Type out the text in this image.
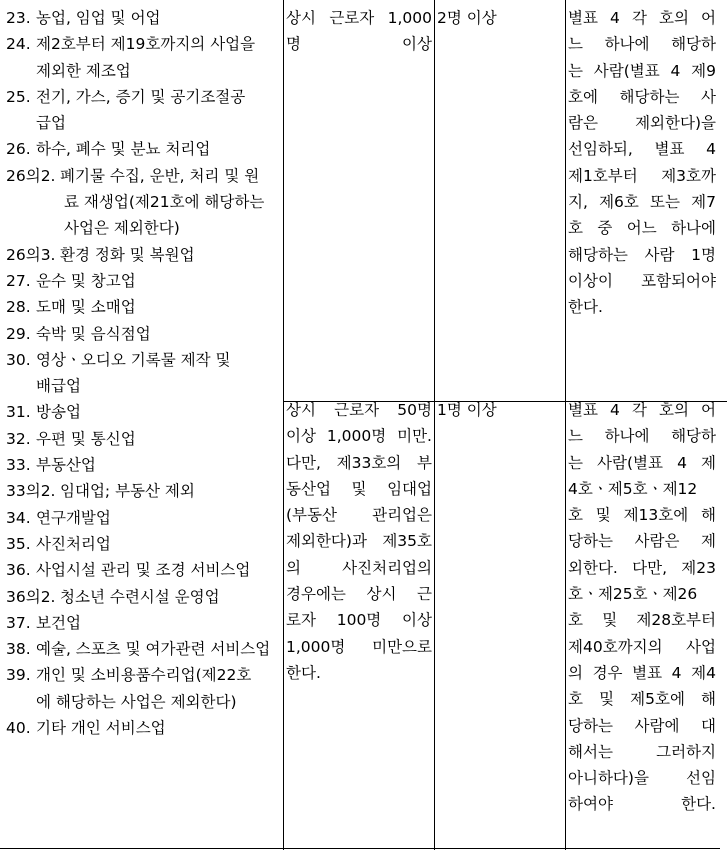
23. 농업, 임업 및 어업
24. 제2호부터 제19호까지의 사업을
제외한 제조업
25. 전기, 가스, 증기 및 공기조절공
급업
26. 하수, 폐수 및 분뇨 처리업
26의2. 폐기물 수집, 운반, 처리 및 원
료 재생업(제21호에 해당하는
사업은 제외한다)
26의3. 환경 정화 및 복원업
27. 운수 및 창고업
28. 도매 및 소매업
29. 숙박 및 음식점업
30. 영상ㆍ오디오 기록물 제작 및
배급업
31. 방송업
32. 우편 및 통신업
33. 부동산업
33의2. 임대업; 부동산 제외
34. 연구개발업
35. 사진처리업
36. 사업시설 관리 및 조경 서비스업
36의2. 청소년 수련시설 운영업
37. 보건업
38. 예술, 스포츠 및 여가관련 서비스업
39. 개인 및 소비용품수리업(제22호
에 해당하는 사업은 제외한다)
40. 기타 개인 서비스업
상시 근로자 1,000
명 이상
2명 이상	별표 4 각 호의 어
느 하나에 해당하
는 사람(별표 4 제9
호에 해당하는 사
람은 제외한다)을
선임하되, 별표 4
제1호부터 제3호까
지, 제6호 또는 제7
호 중 어느 하나에
해당하는 사람 1명
이상이 포함되어야
한다.
상시 근로자 50명
이상 1,000명 미만.
다만, 제33호의 부
동산업 및 임대업
(부동산 관리업은
제외한다)과 제35호
의 사진처리업의
경우에는 상시 근
로자 100명 이상
1,000명 미만으로
한다.
1명 이상	별표 4 각 호의 어
느 하나에 해당하
는 사람(별표 4 제
4호ㆍ제5호ㆍ제12
호 및 제13호에 해
당하는 사람은 제
외한다. 다만, 제23
호ㆍ제25호ㆍ제26
호 및 제28호부터
제40호까지의 사업
의 경우 별표 4 제4
호 및 제5호에 해
당하는 사람에 대
해서는 그러하지
아니하다)을 선임
하여야 한다.
